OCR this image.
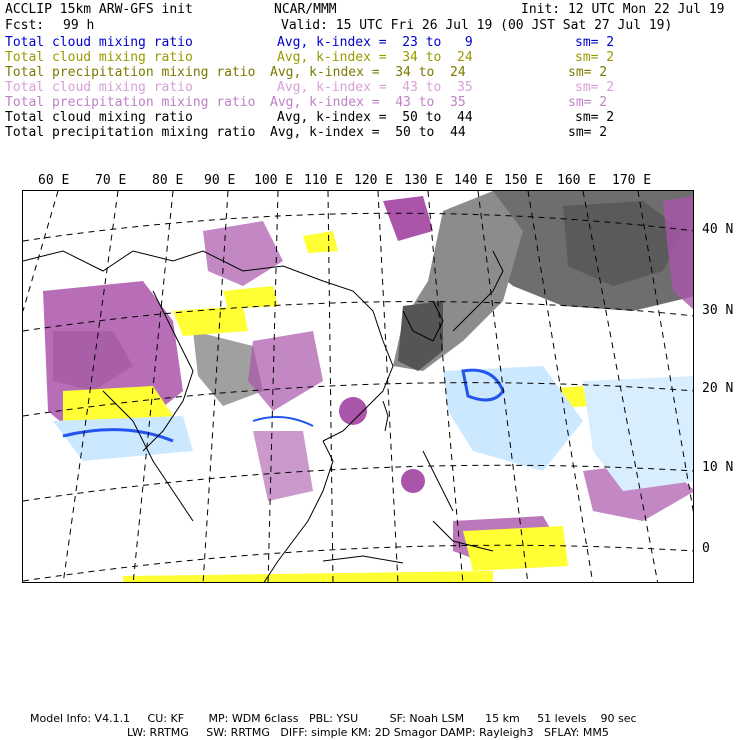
ACCLIP 15km ARW-GFS init	NCAR/MMM	Init: 12 UTC Mon 22 Jul 19
Fcst: 99 h	Valid: 15 UTC Fri 26 Jul 19 (00 JST Sat 27 Jul 19)
Total cloud mixing ratio	Avg, k-index =  23 to   9	sm= 2
Total cloud mixing ratio	Avg, k-index =  34 to  24	sm= 2
Total precipitation mixing ratio Avg, k-index =  34 to  24	sm= 2
Total cloud mixing ratio	Avg, k-index =  43 to  35	sm= 2
Total precipitation mixing ratio Avg, k-index =  43 to  35	sm= 2
Total cloud mixing ratio	Avg, k-index =  50 to  44	sm= 2
Total precipitation mixing ratio Avg, k-index =  50 to  44	sm= 2
60 E 70 E 80 E 90 E 100 E 110 E 120 E 130 E 140 E 150 E 160 E 170 E
40 N
30 N
20 N
10 N
0
Model Info: V4.1.1     CU: KF       MP: WDM 6class   PBL: YSU         SF: Noah LSM      15 km     51 levels    90 sec
LW: RRTMG     SW: RRTMG   DIFF: simple KM: 2D Smagor DAMP: Rayleigh3   SFLAY: MM5
